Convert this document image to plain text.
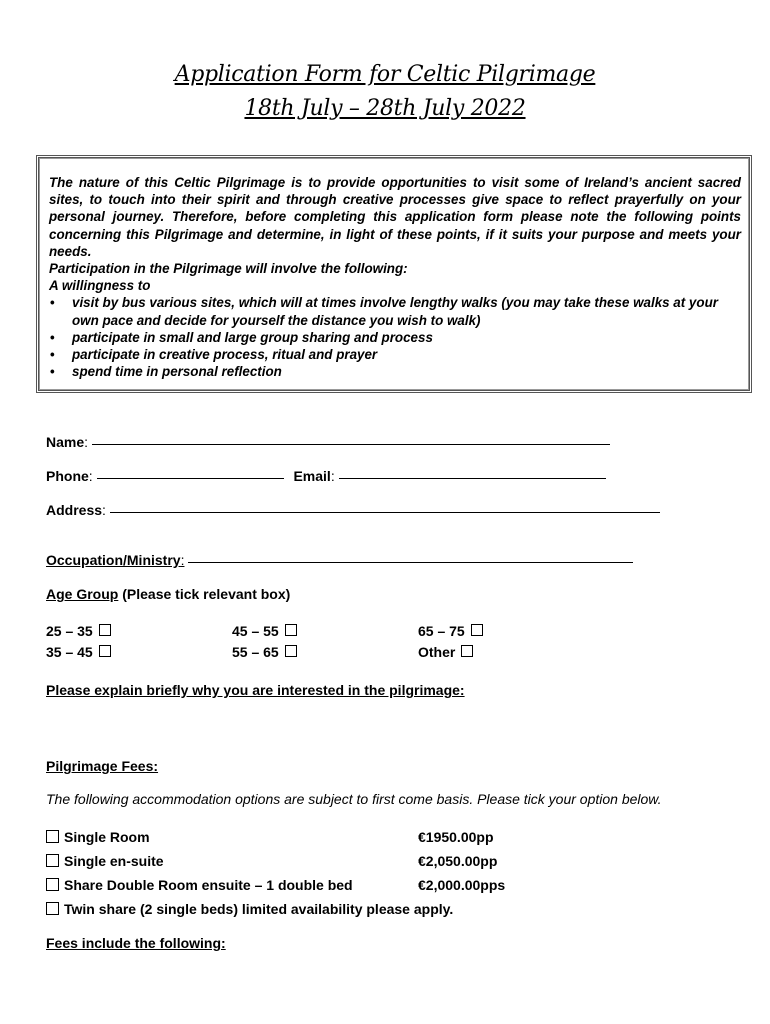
Application Form for Celtic Pilgrimage
18th July – 28th July 2022

The nature of this Celtic Pilgrimage is to provide opportunities to visit some of Ireland’s ancient sacred sites, to touch into their spirit and through creative processes give space to reflect prayerfully on your personal journey. Therefore, before completing this application form please note the following points concerning this Pilgrimage and determine, in light of these points, if it suits your purpose and meets your needs.

Participation in the Pilgrimage will involve the following:

A willingness to

• visit by bus various sites, which will at times involve lengthy walks (you may take these walks at your own pace and decide for yourself the distance you wish to walk)
• participate in small and large group sharing and process
• participate in creative process, ritual and prayer
• spend time in personal reflection
Name:
Phone:	Email:
Address:
Occupation/Ministry:
Age Group (Please tick relevant box)
25 – 35	45 – 55	65 – 75
35 – 45	55 – 65	Other
Please explain briefly why you are interested in the pilgrimage:
Pilgrimage Fees:
The following accommodation options are subject to first come basis. Please tick your option below.
Single Room	€1950.00pp
Single en-suite	€2,050.00pp
Share Double Room ensuite – 1 double bed	€2,000.00pps
Twin share (2 single beds) limited availability please apply.
Fees include the following:
